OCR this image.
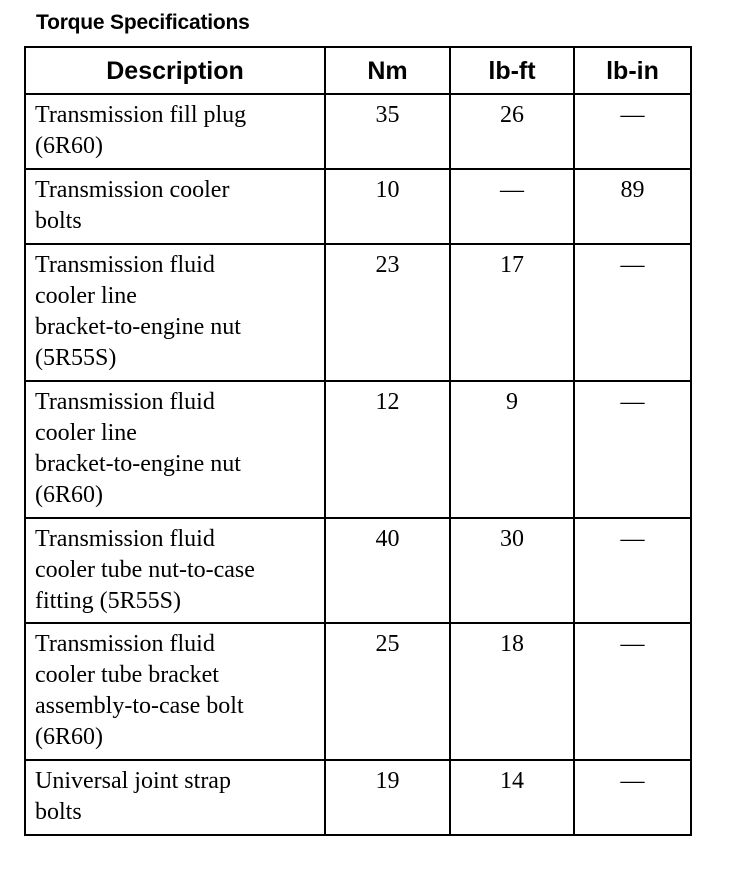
Torque Specifications
Description	Nm	lb-ft	lb-in
Transmission fill plug
(6R60)	35	26	—
Transmission cooler
bolts	10	—	89
Transmission fluid
cooler line
bracket-to-engine nut
(5R55S)	23	17	—
Transmission fluid
cooler line
bracket-to-engine nut
(6R60)	12	9	—
Transmission fluid
cooler tube nut-to-case
fitting (5R55S)	40	30	—
Transmission fluid
cooler tube bracket
assembly-to-case bolt
(6R60)	25	18	—
Universal joint strap
bolts	19	14	—
